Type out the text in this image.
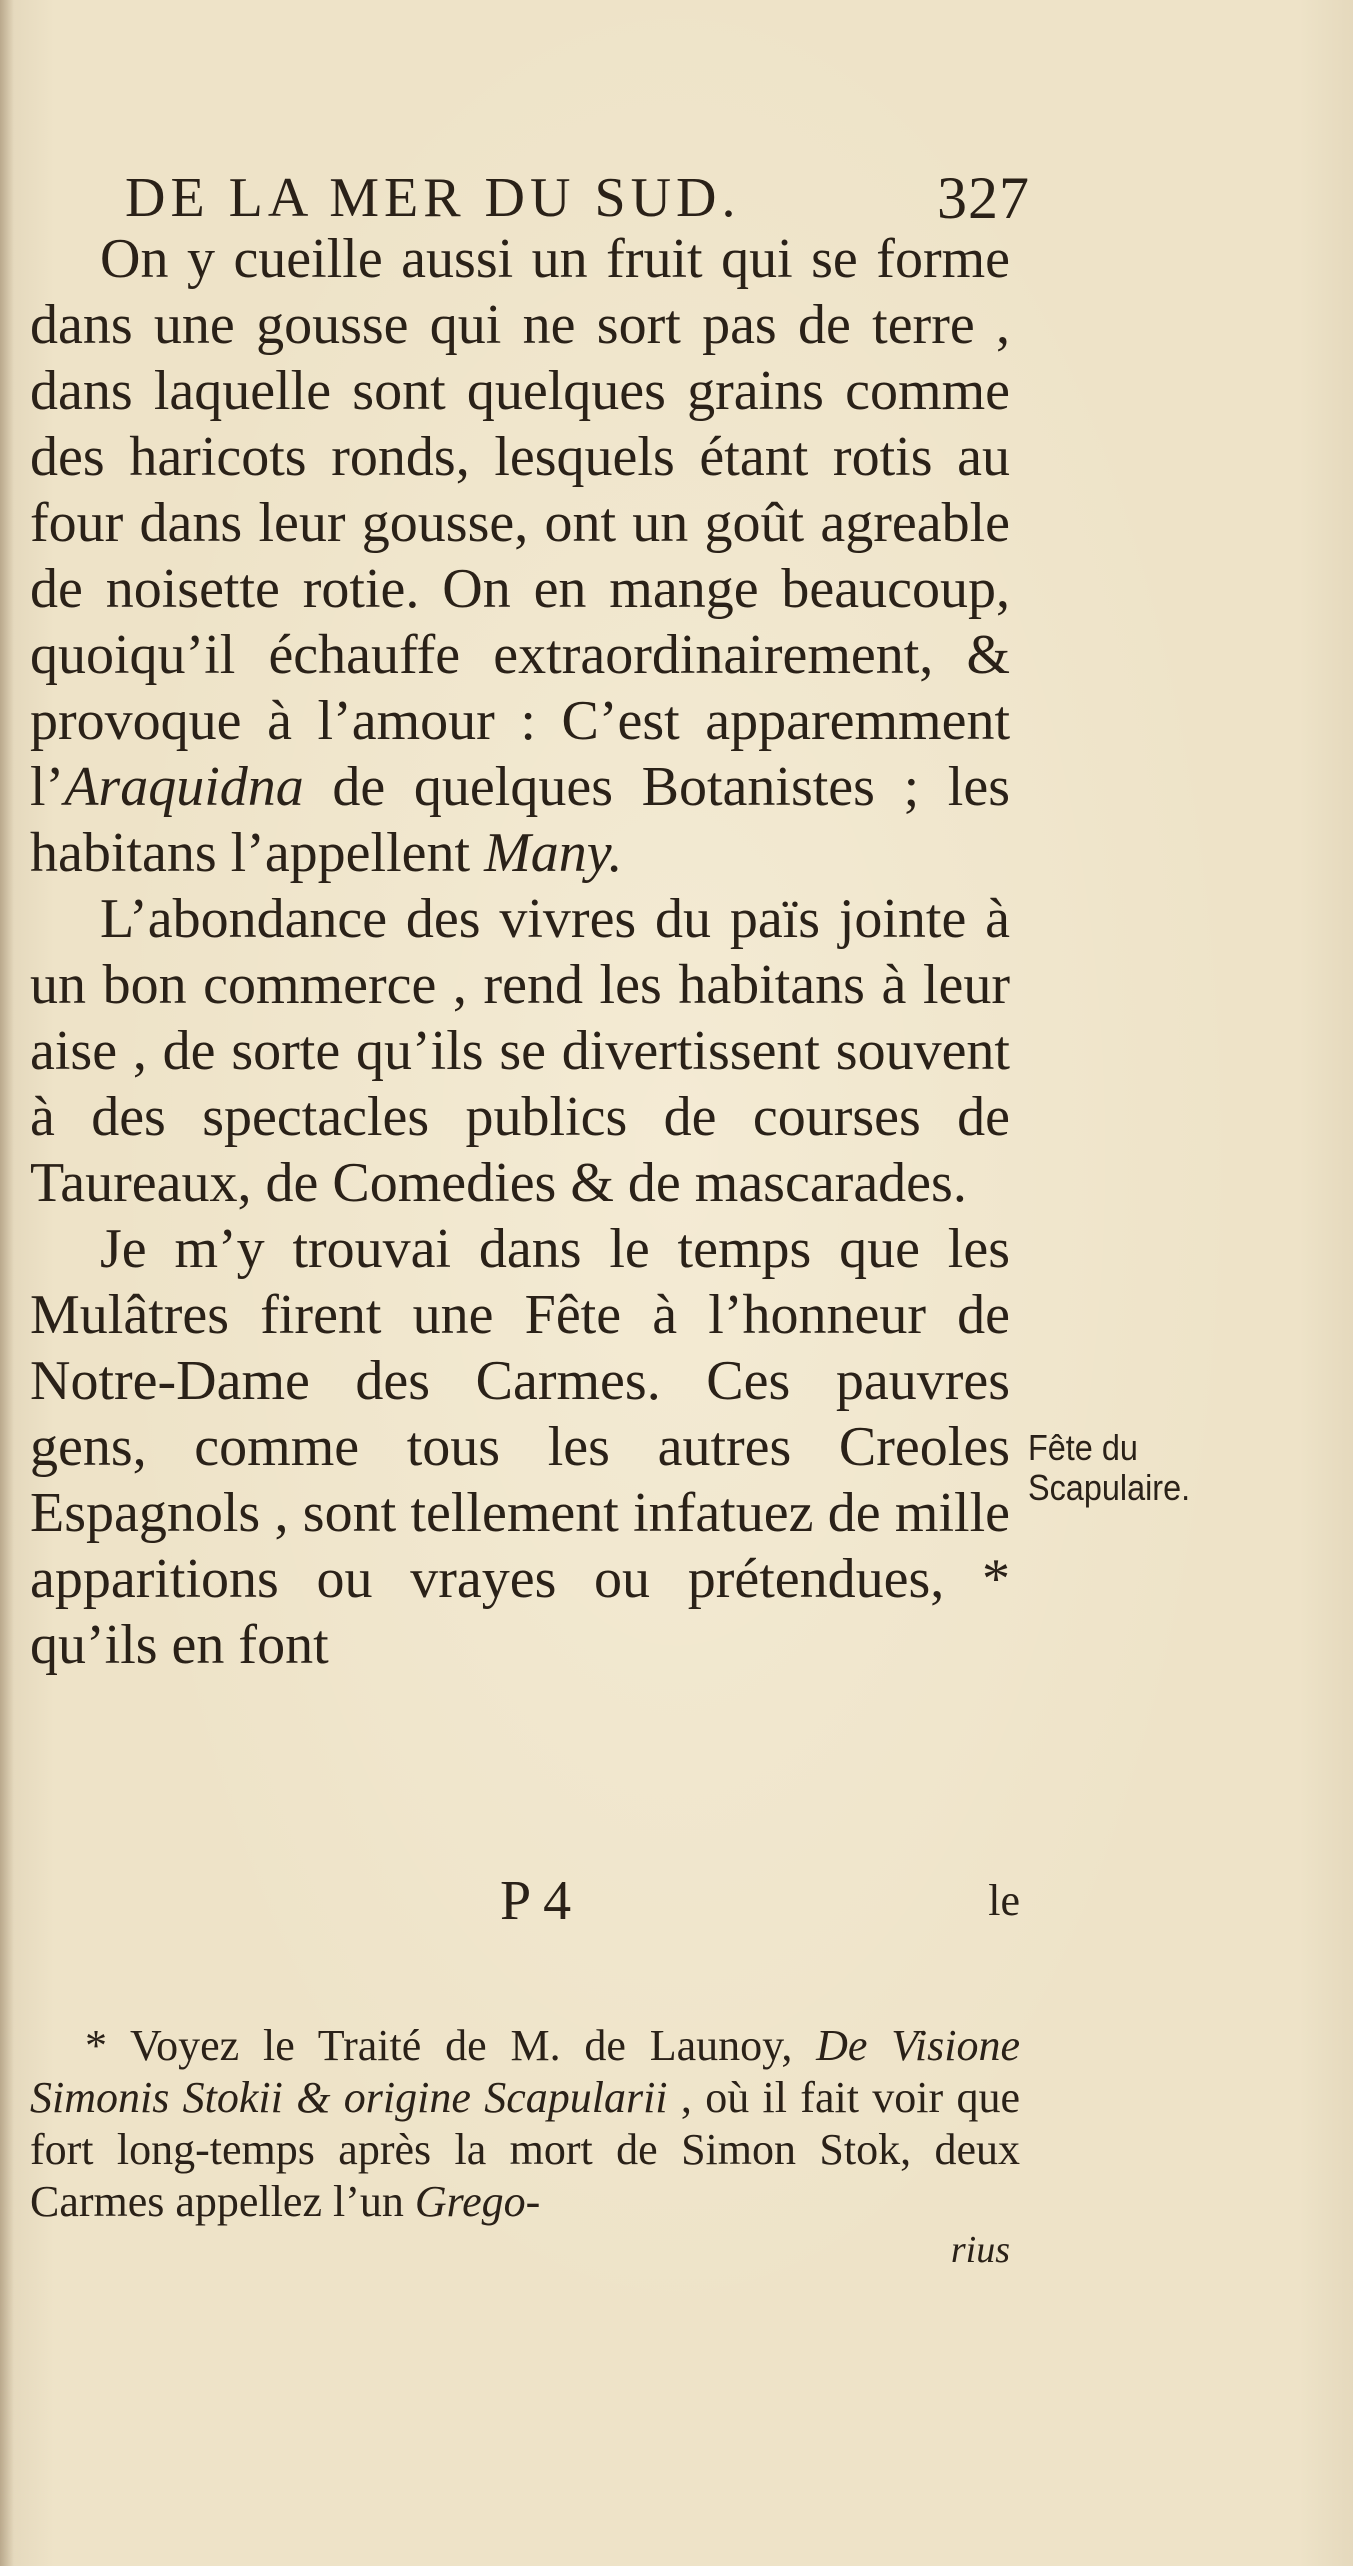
DE LA MER DU SUD.	327

On y cueille aussi un fruit qui se forme dans une gousse qui ne sort pas de terre , dans laquelle sont quelques grains comme des haricots ronds, lesquels étant rotis au four dans leur gousse, ont un goût agreable de noisette rotie. On en mange beaucoup, quoiqu’il échauffe extraordinairement, & provoque à l’amour : C’est apparemment l’Araquidna de quelques Botanistes ; les habitans l’appellent Many.

L’abondance des vivres du païs jointe à un bon commerce , rend les habitans à leur aise , de sorte qu’ils se divertissent souvent à des spectacles publics de courses de Taureaux, de Comedies & de mascarades.

Je m’y trouvai dans le temps que les Mulâtres firent une Fête à l’honneur de Notre-Dame des Carmes. Ces pauvres gens, comme tous les autres Creoles Espagnols , sont tellement infatuez de mille apparitions ou vrayes ou prétendues, * qu’ils en font

Fête du Scapulaire.
P 4	le
* Voyez le Traité de M. de Launoy, De Visione Simonis Stokii & origine Scapularii , où il fait voir que fort long-temps après la mort de Simon Stok, deux Carmes appellez l’un Grego-
rius
